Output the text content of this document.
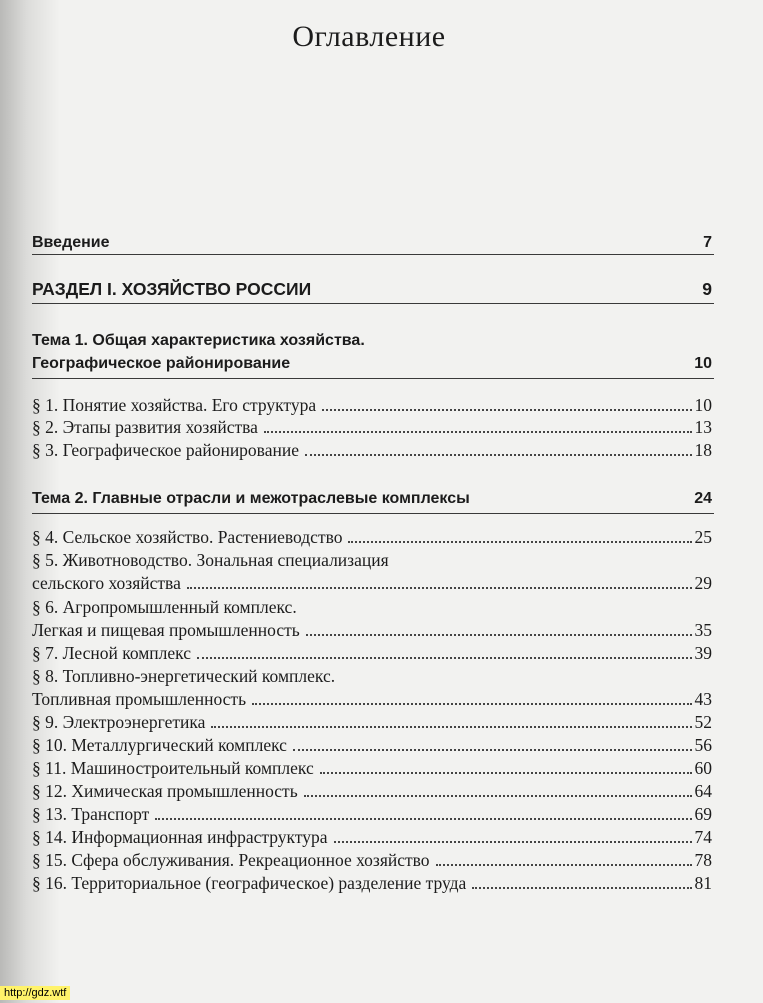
Оглавление
Введение	7
РАЗДЕЛ I. ХОЗЯЙСТВО РОССИИ	9
Тема 1. Общая характеристика хозяйства.
Географическое районирование	10
§ 1. Понятие хозяйства. Его структура	10
§ 2. Этапы развития хозяйства	13
§ 3. Географическое районирование	18
Тема 2. Главные отрасли и межотраслевые комплексы	24
§ 4. Сельское хозяйство. Растениеводство	25
§ 5. Животноводство. Зональная специализация
сельского хозяйства	29
§ 6. Агропромышленный комплекс.
Легкая и пищевая промышленность	35
§ 7. Лесной комплекс	39
§ 8. Топливно-энергетический комплекс.
Топливная промышленность	43
§ 9. Электроэнергетика	52
§ 10. Металлургический комплекс	56
§ 11. Машиностроительный комплекс	60
§ 12. Химическая промышленность	64
§ 13. Транспорт	69
§ 14. Информационная инфраструктура	74
§ 15. Сфера обслуживания. Рекреационное хозяйство	78
§ 16. Территориальное (географическое) разделение труда	81
http://gdz.wtf
